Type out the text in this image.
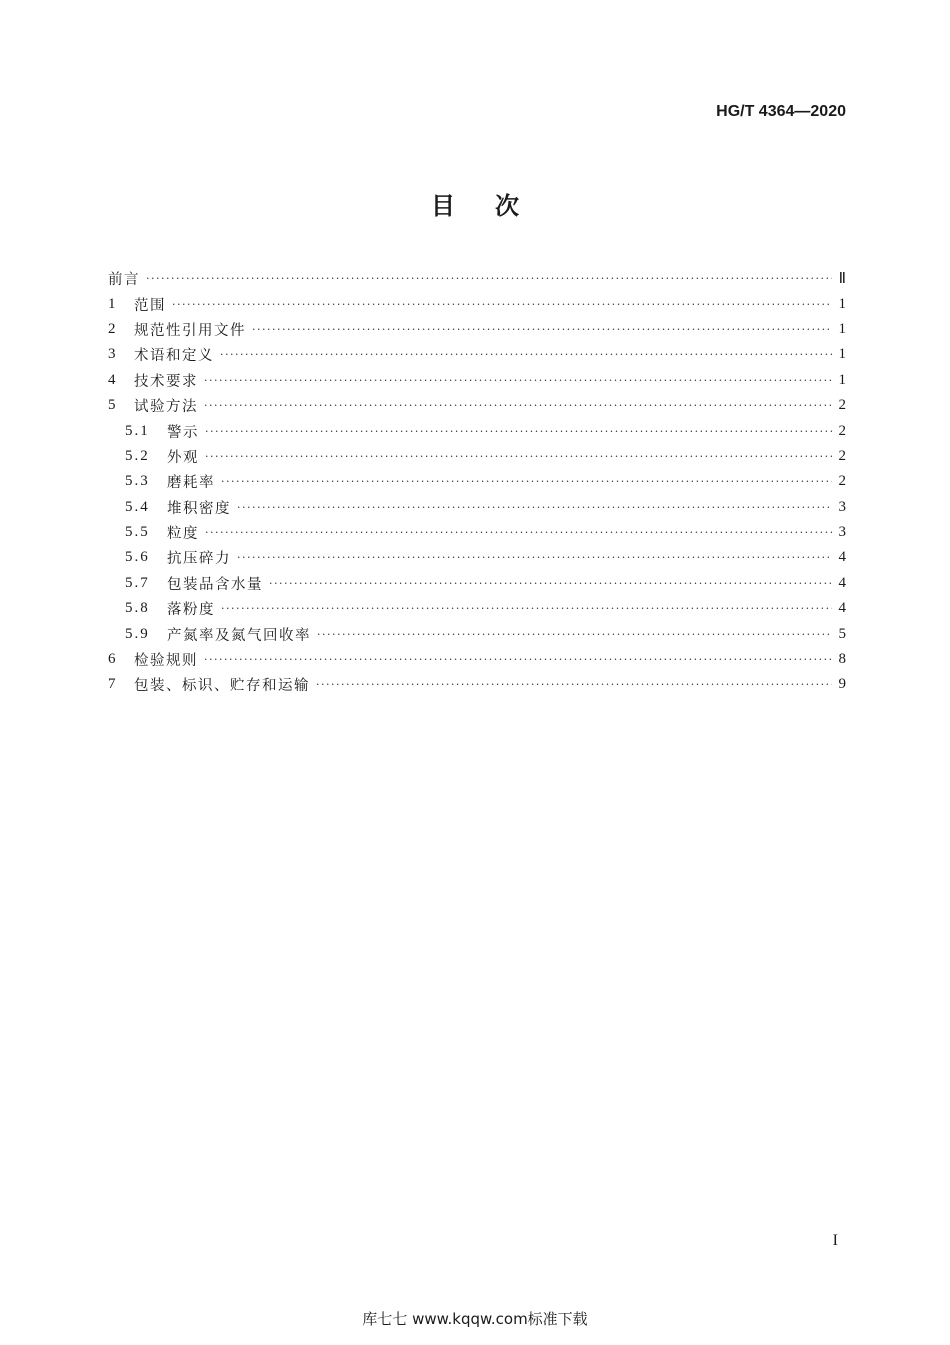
HG/T 4364—2020
目次
前言 ·····	Ⅱ
1	范围 ·····	1
2	规范性引用文件 ·····	1
3	术语和定义 ·····	1
4	技术要求 ·····	1
5	试验方法 ·····	2
5.1	警示 ·····	2
5.2	外观 ·····	2
5.3	磨耗率 ·····	2
5.4	堆积密度 ·····	3
5.5	粒度 ·····	3
5.6	抗压碎力 ·····	4
5.7	包装品含水量 ·····	4
5.8	落粉度 ·····	4
5.9	产氮率及氮气回收率 ·····	5
6	检验规则 ·····	8
7	包装、标识、贮存和运输 ·····	9
I
库七七 www.kqqw.com标准下载
